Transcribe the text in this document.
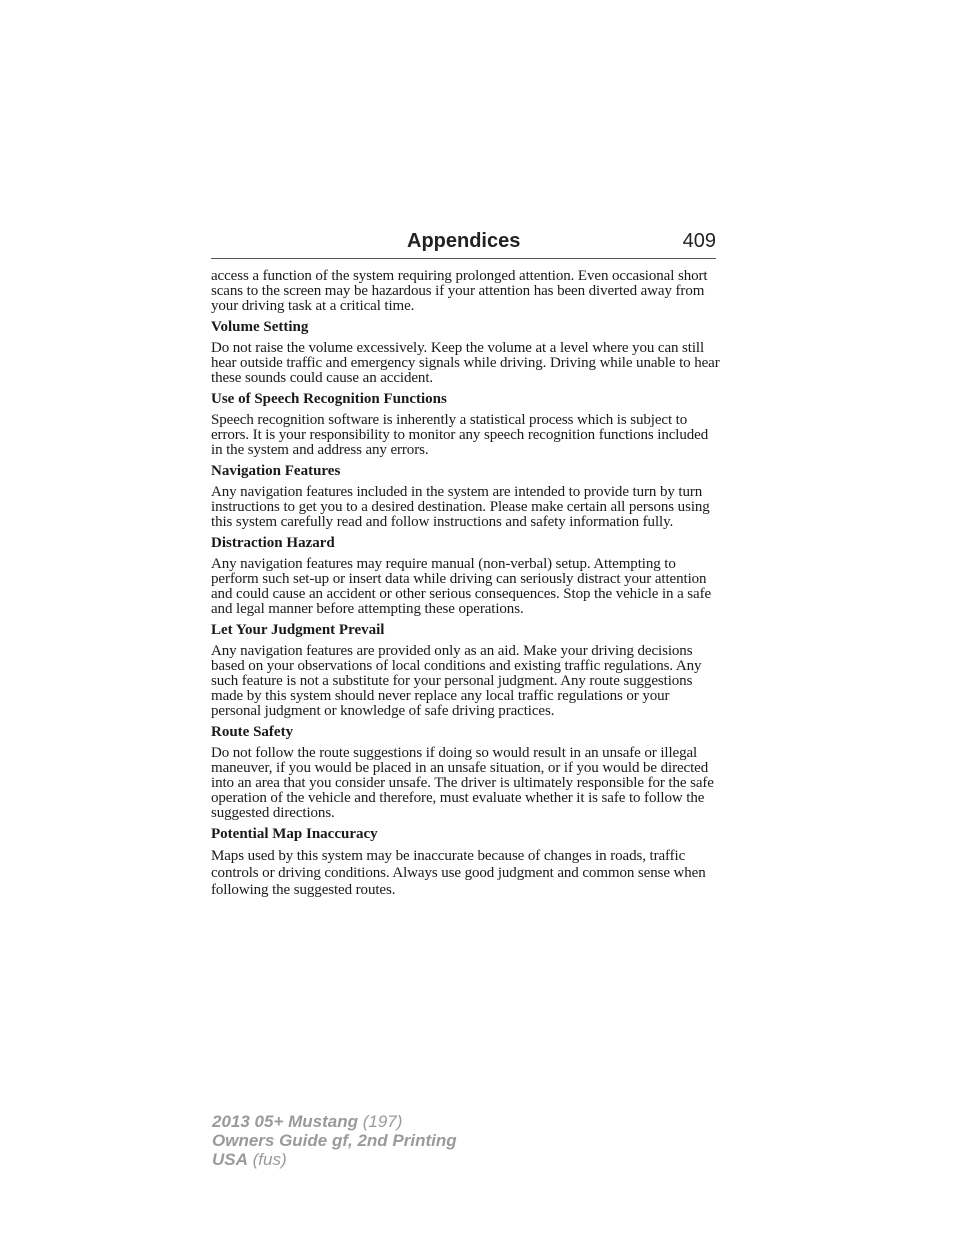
Appendices	409

access a function of the system requiring prolonged attention. Even occasional short scans to the screen may be hazardous if your attention has been diverted away from your driving task at a critical time.

Volume Setting

Do not raise the volume excessively. Keep the volume at a level where you can still hear outside traffic and emergency signals while driving. Driving while unable to hear these sounds could cause an accident.

Use of Speech Recognition Functions

Speech recognition software is inherently a statistical process which is subject to errors. It is your responsibility to monitor any speech recognition functions included in the system and address any errors.

Navigation Features

Any navigation features included in the system are intended to provide turn by turn instructions to get you to a desired destination. Please make certain all persons using this system carefully read and follow instructions and safety information fully.

Distraction Hazard

Any navigation features may require manual (non-verbal) setup. Attempting to perform such set-up or insert data while driving can seriously distract your attention and could cause an accident or other serious consequences. Stop the vehicle in a safe and legal manner before attempting these operations.

Let Your Judgment Prevail

Any navigation features are provided only as an aid. Make your driving decisions based on your observations of local conditions and existing traffic regulations. Any such feature is not a substitute for your personal judgment. Any route suggestions made by this system should never replace any local traffic regulations or your personal judgment or knowledge of safe driving practices.

Route Safety

Do not follow the route suggestions if doing so would result in an unsafe or illegal maneuver, if you would be placed in an unsafe situation, or if you would be directed into an area that you consider unsafe. The driver is ultimately responsible for the safe operation of the vehicle and therefore, must evaluate whether it is safe to follow the suggested directions.

Potential Map Inaccuracy

Maps used by this system may be inaccurate because of changes in roads, traffic controls or driving conditions. Always use good judgment and common sense when following the suggested routes.

2013 05+ Mustang (197)
Owners Guide gf, 2nd Printing
USA (fus)
